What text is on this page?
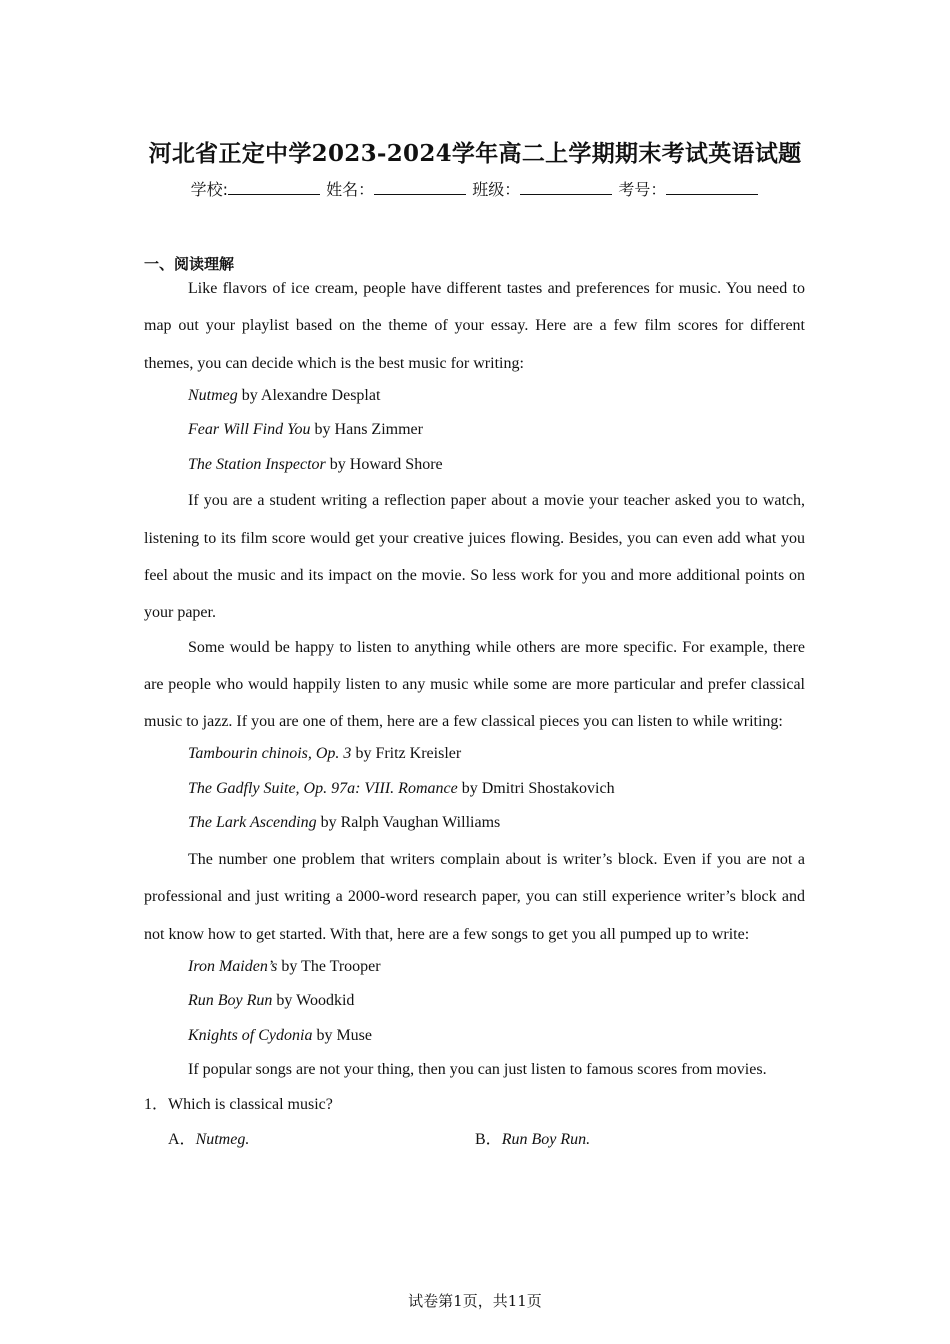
河北省正定中学2023-2024学年高二上学期期末考试英语试题
学校:	姓名：	班级：	考号：
一、阅读理解

Like flavors of ice cream, people have different tastes and preferences for music. You need to map out your playlist based on the theme of your essay. Here are a few film scores for different themes, you can decide which is the best music for writing:

Nutmeg by Alexandre Desplat

Fear Will Find You by Hans Zimmer

The Station Inspector by Howard Shore

If you are a student writing a reflection paper about a movie your teacher asked you to watch, listening to its film score would get your creative juices flowing. Besides, you can even add what you feel about the music and its impact on the movie. So less work for you and more additional points on your paper.

Some would be happy to listen to anything while others are more specific. For example, there are people who would happily listen to any music while some are more particular and prefer classical music to jazz. If you are one of them, here are a few classical pieces you can listen to while writing:

Tambourin chinois, Op. 3 by Fritz Kreisler

The Gadfly Suite, Op. 97a: VIII. Romance by Dmitri Shostakovich

The Lark Ascending by Ralph Vaughan Williams

The number one problem that writers complain about is writer’s block. Even if you are not a professional and just writing a 2000-word research paper, you can still experience writer’s block and not know how to get started. With that, here are a few songs to get you all pumped up to write:

Iron Maiden’s by The Trooper

Run Boy Run by Woodkid

Knights of Cydonia by Muse

If popular songs are not your thing, then you can just listen to famous scores from movies.

1．Which is classical music?

A．Nutmeg.	B．Run Boy Run.
试卷第1页，共11页
